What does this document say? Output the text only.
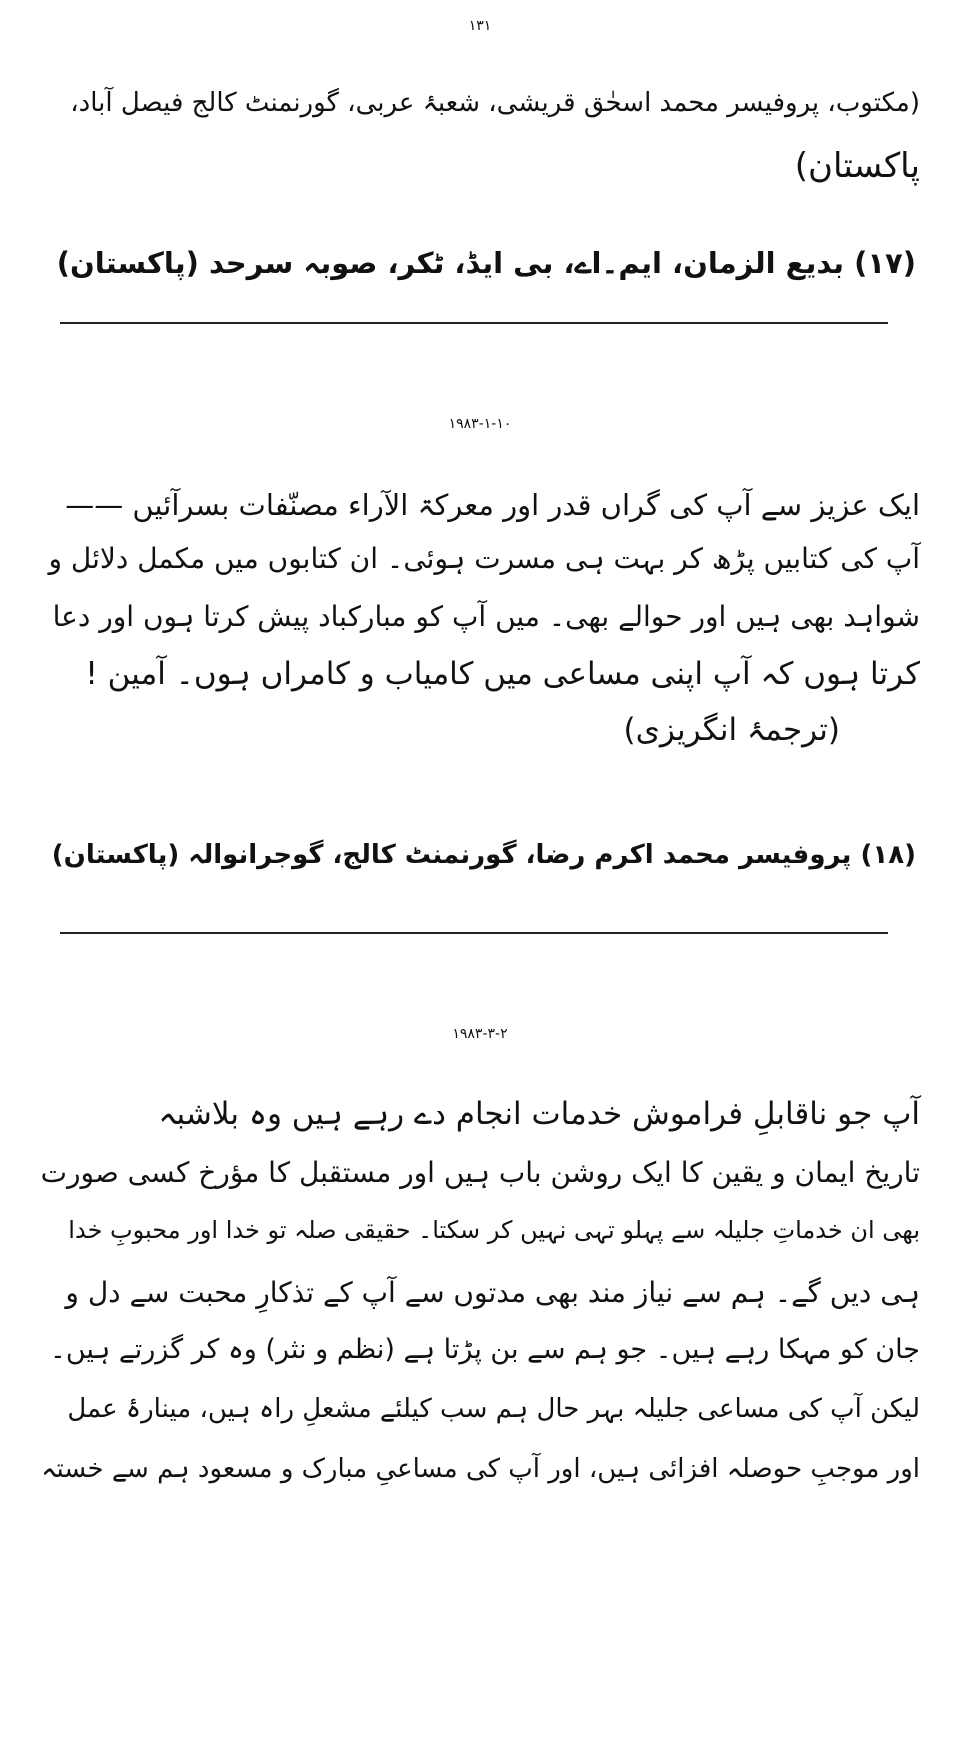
۱۳۱
(مکتوب، پروفیسر محمد اسحٰق قریشی، شعبۂ عربی، گورنمنٹ کالج فیصل آباد،
پاکستان)
(۱۷) بدیع الزمان، ایم۔اے، بی ایڈ، ٹکر، صوبہ سرحد (پاکستان)
۱۹۸۳-۱-۱۰
ایک عزیز سے آپ کی گراں قدر اور معرکۃ الآراء مصنّفات بسرآئیں ——
آپ کی کتابیں پڑھ کر بہت ہی مسرت ہوئی۔ ان کتابوں میں مکمل دلائل و
شواہد بھی ہیں اور حوالے بھی۔ میں آپ کو مبارکباد پیش کرتا ہوں اور دعا
کرتا ہوں کہ آپ اپنی مساعی میں کامیاب و کامراں ہوں۔ آمین !
(ترجمۂ انگریزی)
(۱۸) پروفیسر محمد اکرم رضا، گورنمنٹ کالج، گوجرانوالہ (پاکستان)
۱۹۸۳-۳-۲
آپ جو ناقابلِ فراموش خدمات انجام دے رہے ہیں وہ بلاشبہ
تاریخ ایمان و یقین کا ایک روشن باب ہیں اور مستقبل کا مؤرخ کسی صورت
بھی ان خدماتِ جلیلہ سے پہلو تہی نہیں کر سکتا۔ حقیقی صلہ تو خدا اور محبوبِ خدا
ہی دیں گے۔ ہم سے نیاز مند بھی مدتوں سے آپ کے تذکارِ محبت سے دل و
جان کو مہکا رہے ہیں۔ جو ہم سے بن پڑتا ہے (نظم و نثر) وہ کر گزرتے ہیں۔
لیکن آپ کی مساعی جلیلہ بہر حال ہم سب کیلئے مشعلِ راہ ہیں، مینارۂ عمل
اور موجبِ حوصلہ افزائی ہیں، اور آپ کی مساعیِ مبارک و مسعود ہم سے خستہ
